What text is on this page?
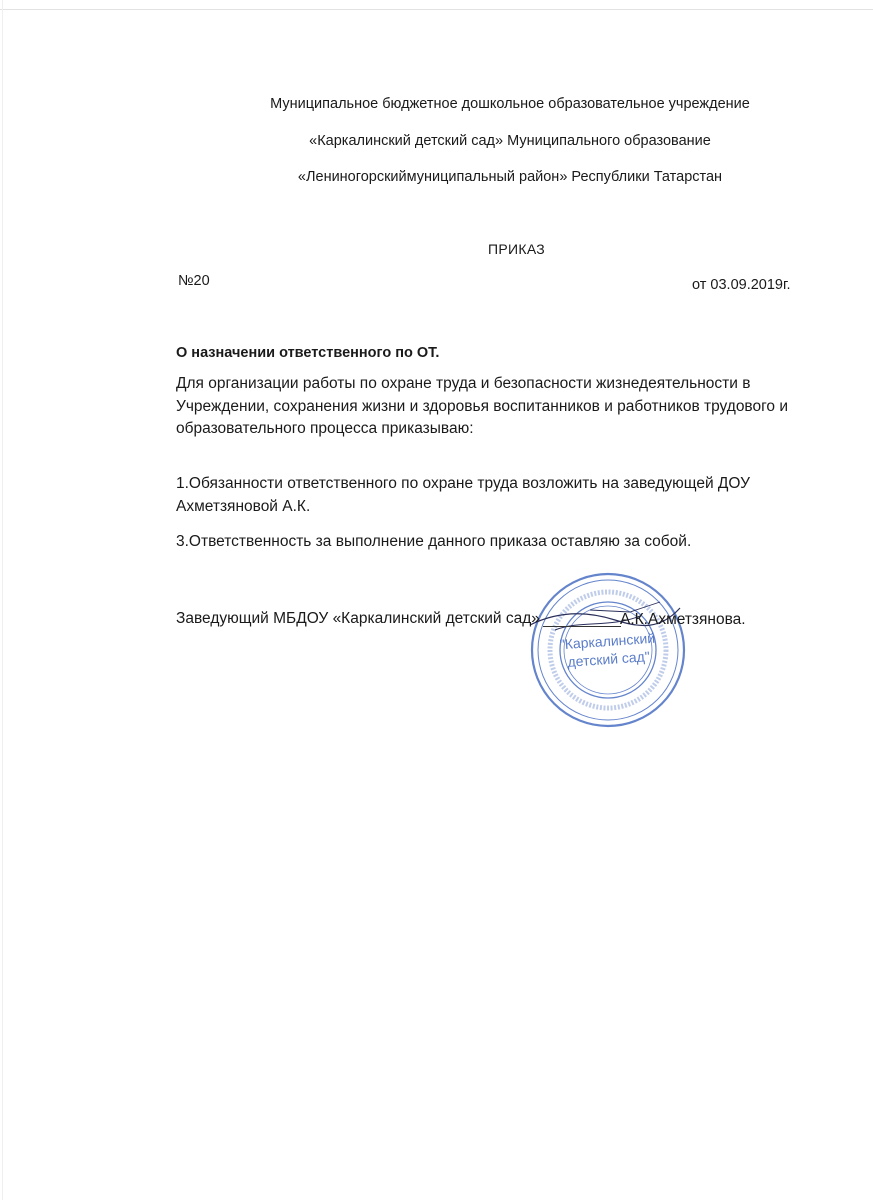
Муниципальное бюджетное дошкольное образовательное учреждение
«Каркалинский детский сад» Муниципального образование
«Лениногорскиймуниципальный район» Республики Татарстан
ПРИКАЗ
№20	от 03.09.2019г.
О назначении ответственного по ОТ.
Для организации работы по охране труда и безопасности жизнедеятельности в Учреждении, сохранения жизни и здоровья воспитанников и работников трудового и образовательного процесса приказываю:
1.Обязанности ответственного по охране труда возложить на заведующей ДОУ Ахметзяновой А.К.
3.Ответственность за выполнение данного приказа оставляю за собой.
"Каркалинский
детский сад"
Заведующий МБДОУ «Каркалинский детский сад»	А.К.Ахметзянова.
